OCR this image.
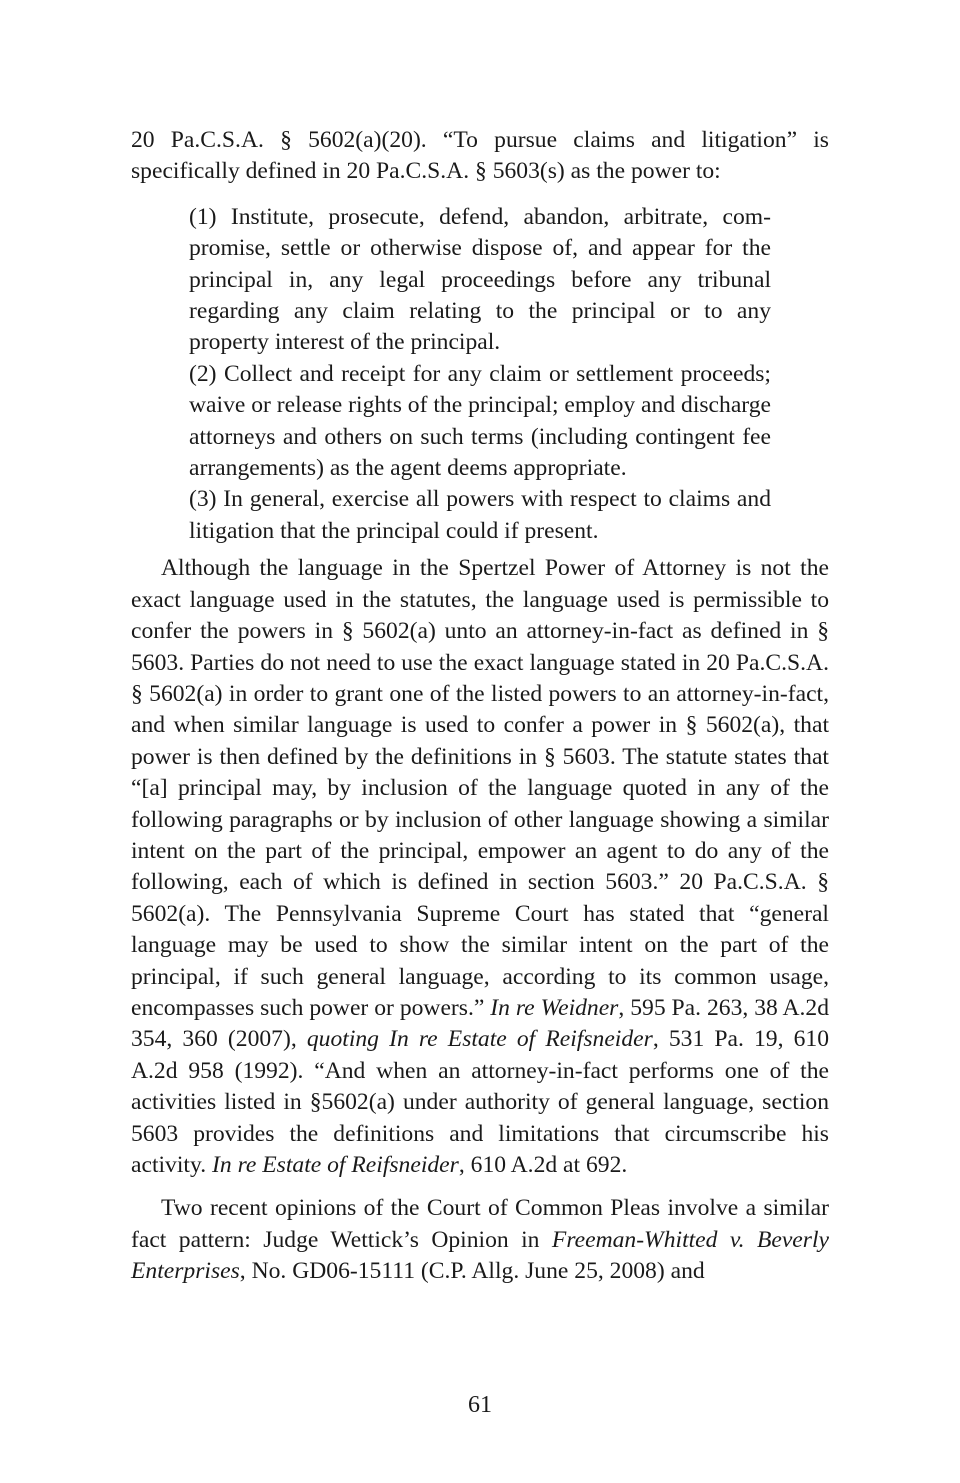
20 Pa.C.S.A. § 5602(a)(20). “To pursue claims and litigation” is specifically defined in 20 Pa.C.S.A. § 5603(s) as the power to:

(1) Institute, prosecute, defend, abandon, arbitrate, compromise, settle or otherwise dispose of, and appear for the principal in, any legal proceedings before any tribunal regarding any claim relating to the principal or to any property interest of the principal.

(2) Collect and receipt for any claim or settlement proceeds; waive or release rights of the principal; employ and discharge attorneys and others on such terms (including contingent fee arrangements) as the agent deems appropriate.

(3) In general, exercise all powers with respect to claims and litigation that the principal could if present.

Although the language in the Spertzel Power of Attorney is not the exact language used in the statutes, the language used is permissible to confer the powers in § 5602(a) unto an attorney-in-fact as defined in § 5603. Parties do not need to use the exact language stated in 20 Pa.C.S.A. § 5602(a) in order to grant one of the listed powers to an attorney-in-fact, and when similar language is used to confer a power in § 5602(a), that power is then defined by the definitions in § 5603. The statute states that “[a] principal may, by inclusion of the language quoted in any of the following paragraphs or by inclusion of other language showing a similar intent on the part of the principal, empower an agent to do any of the following, each of which is defined in section 5603.” 20 Pa.C.S.A. § 5602(a). The Pennsylvania Supreme Court has stated that “general language may be used to show the similar intent on the part of the principal, if such general language, according to its common usage, encompasses such power or powers.” In re Weidner, 595 Pa. 263, 38 A.2d 354, 360 (2007), quoting In re Estate of Reifsneider, 531 Pa. 19, 610 A.2d 958 (1992). “And when an attorney-in-fact performs one of the activities listed in §5602(a) under authority of general language, section 5603 provides the definitions and limitations that circumscribe his activity. In re Estate of Reifsneider, 610 A.2d at 692.

Two recent opinions of the Court of Common Pleas involve a similar fact pattern: Judge Wettick’s Opinion in Freeman-Whitted v. Beverly Enterprises, No. GD06-15111 (C.P. Allg. June 25, 2008) and

61
